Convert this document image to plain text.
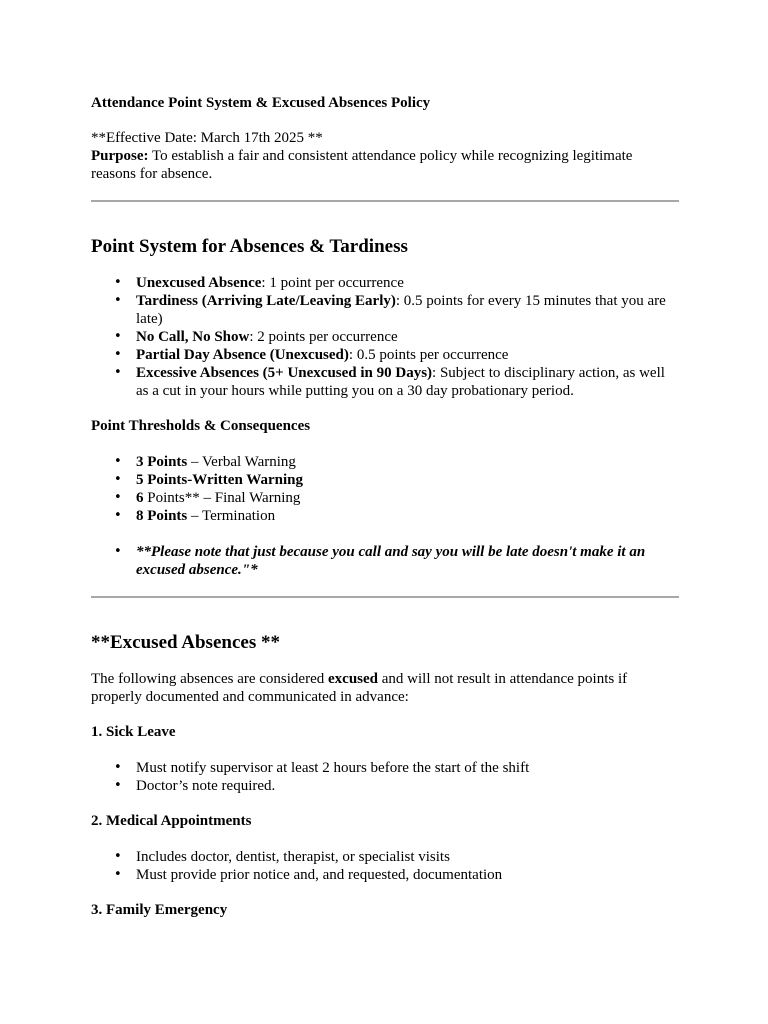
Attendance Point System & Excused Absences Policy

**Effective Date: March 17th 2025 **

Purpose: To establish a fair and consistent attendance policy while recognizing legitimate reasons for absence.

Point System for Absences & Tardiness
• Unexcused Absence: 1 point per occurrence
• Tardiness (Arriving Late/Leaving Early): 0.5 points for every 15 minutes that you are late)
• No Call, No Show: 2 points per occurrence
• Partial Day Absence (Unexcused): 0.5 points per occurrence
• Excessive Absences (5+ Unexcused in 90 Days): Subject to disciplinary action, as well as a cut in your hours while putting you on a 30 day probationary period.

Point Thresholds & Consequences

• 3 Points – Verbal Warning
• 5 Points-Written Warning
• 6 Points** – Final Warning
• 8 Points – Termination
• **Please note that just because you call and say you will be late doesn't make it an excused absence."*
**Excused Absences **

The following absences are considered excused and will not result in attendance points if properly documented and communicated in advance:

1. Sick Leave

• Must notify supervisor at least 2 hours before the start of the shift
• Doctor’s note required.

2. Medical Appointments

• Includes doctor, dentist, therapist, or specialist visits
• Must provide prior notice and, and requested, documentation

3. Family Emergency
